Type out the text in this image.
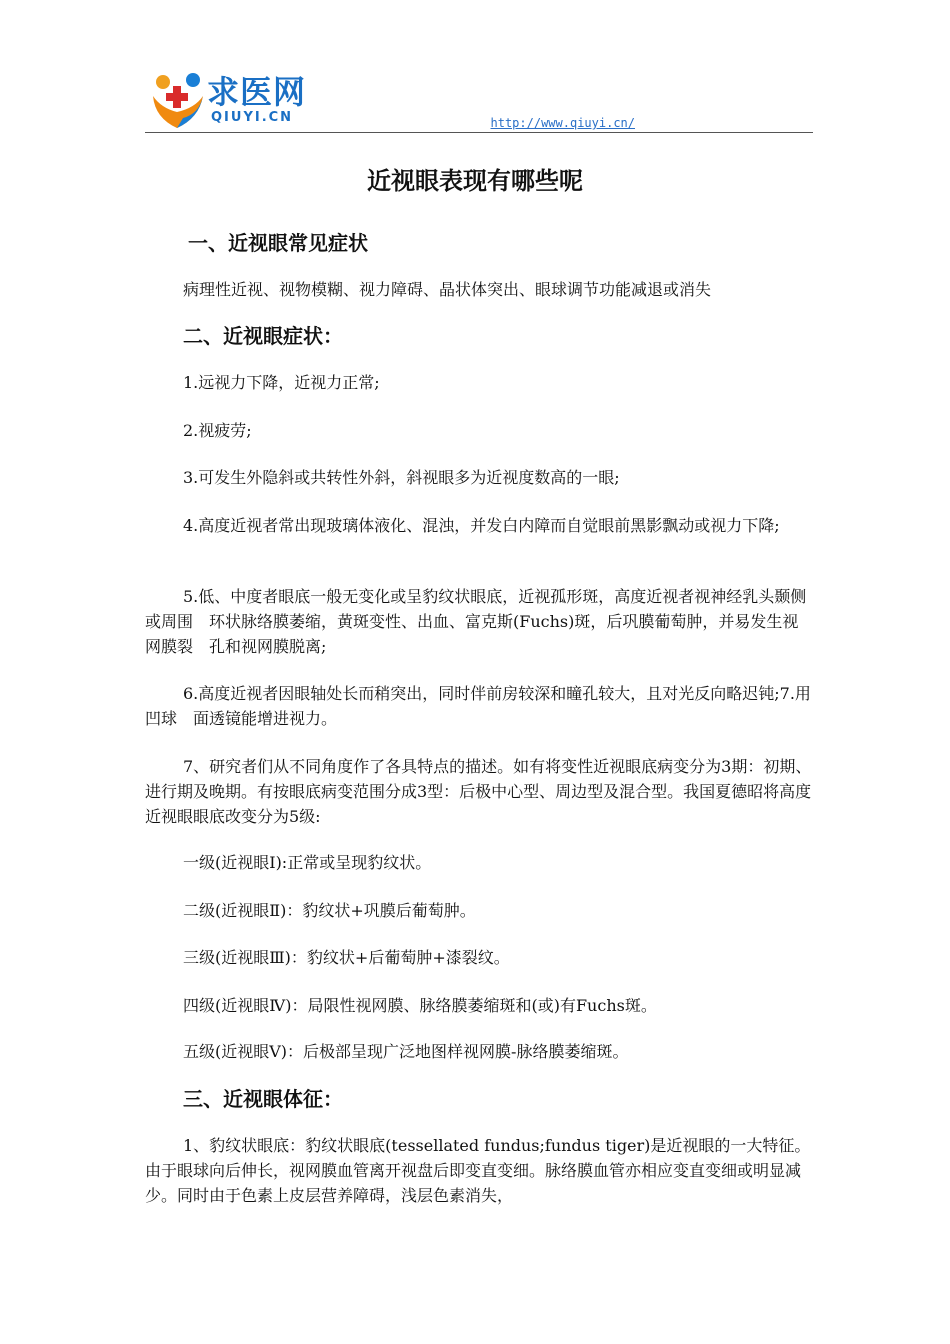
求医网
QIUYI.CN	http://www.qiuyi.cn/
近视眼表现有哪些呢
一、近视眼常见症状

病理性近视、视物模糊、视力障碍、晶状体突出、眼球调节功能减退或消失

二、近视眼症状：

1.远视力下降，近视力正常;

2.视疲劳;

3.可发生外隐斜或共转性外斜，斜视眼多为近视度数高的一眼;

4.高度近视者常出现玻璃体液化、混浊，并发白内障而自觉眼前黑影飘动或视力下降;

5.低、中度者眼底一般无变化或呈豹纹状眼底，近视孤形斑，高度近视者视神经乳头颞侧或周围　环状脉络膜萎缩，黄斑变性、出血、富克斯(Fuchs)斑，后巩膜葡萄肿，并易发生视网膜裂　孔和视网膜脱离;

6.高度近视者因眼轴处长而稍突出，同时伴前房较深和瞳孔较大，且对光反向略迟钝;7.用凹球　面透镜能增进视力。

7、研究者们从不同角度作了各具特点的描述。如有将变性近视眼底病变分为3期：初期、进行期及晚期。有按眼底病变范围分成3型：后极中心型、周边型及混合型。我国夏德昭将高度近视眼眼底改变分为5级:

一级(近视眼Ⅰ):正常或呈现豹纹状。

二级(近视眼Ⅱ)：豹纹状+巩膜后葡萄肿。

三级(近视眼Ⅲ)：豹纹状+后葡萄肿+漆裂纹。

四级(近视眼Ⅳ)：局限性视网膜、脉络膜萎缩斑和(或)有Fuchs斑。

五级(近视眼Ⅴ)：后极部呈现广泛地图样视网膜-脉络膜萎缩斑。

三、近视眼体征：

1、豹纹状眼底：豹纹状眼底(tessellated fundus;fundus tiger)是近视眼的一大特征。由于眼球向后伸长，视网膜血管离开视盘后即变直变细。脉络膜血管亦相应变直变细或明显减少。同时由于色素上皮层营养障碍，浅层色素消失，
